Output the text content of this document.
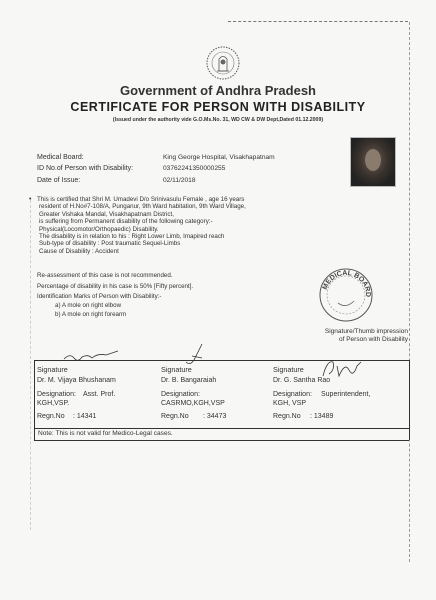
Government of Andhra Pradesh
CERTIFICATE FOR PERSON WITH DISABILITY
(Issued under the authority vide G.O.Ms.No. 31, WD CW & DW Dept,Dated 01.12.2009)
Medical Board:	King George Hospital, Visakhapatnam
ID No.of Person with Disability:	03762241350000255
Date of Issue:	02/11/2018
• This is certified that Shri M. Umadevi D/o Srinivasulu Female , age 16 years

resident of H.No#7-108/A, Punganur, 9th Ward habitation, 9th Ward Village,

Greater Vishaka Mandal, Visakhapatnam District,

is suffering from Permanent disability of the following category:-

Physical(Locomotor/Orthopaedic) Disability.

The disability is in relation to his : Right Lower Limb, Imapired reach

Sub-type of disability : Post traumatic Sequel-Limbs

Cause of Disability : Accident

Re-assessment of this case is not recommended.
Percentage of disability in his case is 50% [Fifty percent].
Identification Marks of Person with Disability:-
a) A mole on right elbow
b) A mole on right forearm
MEDICAL BOARD
Signature/Thumb impression
of Person with Disability
Signature
Dr. M. Vijaya Bhushanam
Designation: Asst. Prof.
KGH,VSP.
Regn.No : 14341
Signature
Dr. B. Bangaraiah
Designation:
CASRMO,KGH,VSP
Regn.No : 34473
Signature
Dr. G. Santha Rao
Designation: Superintendent,
KGH, VSP
Regn.No : 13489
Note: This is not valid for Medico-Legal cases.
